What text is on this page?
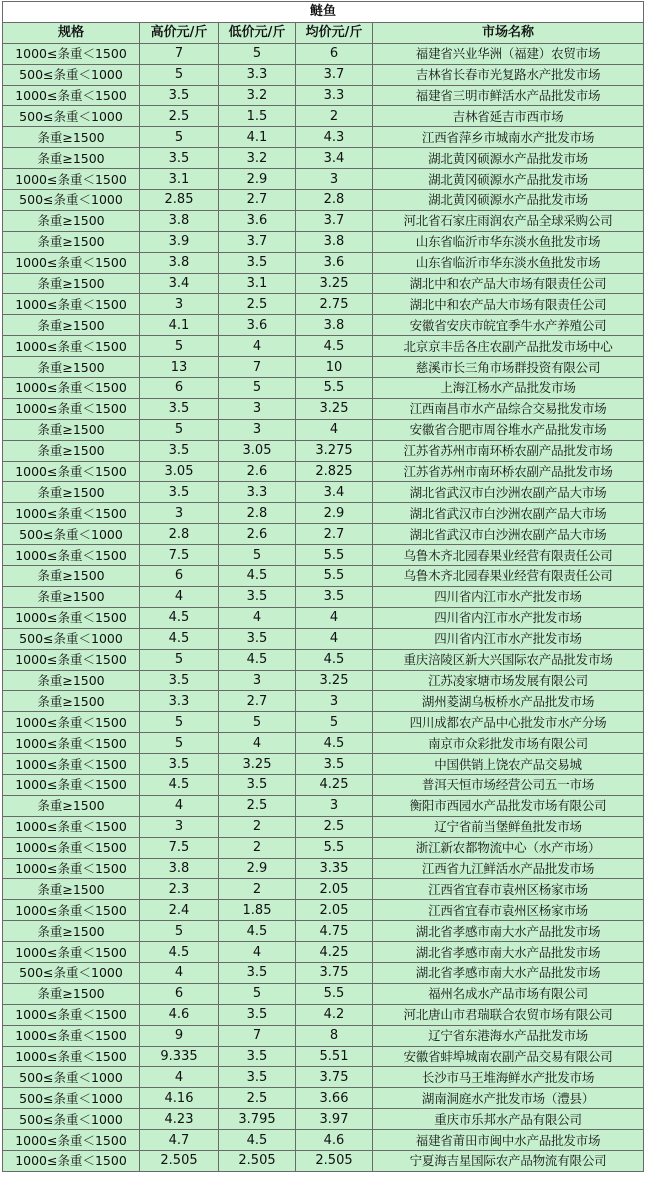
鲢鱼				
规格	高价元/斤	低价元/斤	均价元/斤	市场名称
1000≤条重＜1500	7	5	6	福建省兴业华洲（福建）农贸市场
500≤条重＜1000	5	3.3	3.7	吉林省长春市光复路水产批发市场
1000≤条重＜1500	3.5	3.2	3.3	福建省三明市鲜活水产品批发市场
500≤条重＜1000	2.5	1.5	2	吉林省延吉市西市场
条重≥1500	5	4.1	4.3	江西省萍乡市城南水产批发市场
条重≥1500	3.5	3.2	3.4	湖北黄冈硕源水产品批发市场
1000≤条重＜1500	3.1	2.9	3	湖北黄冈硕源水产品批发市场
500≤条重＜1000	2.85	2.7	2.8	湖北黄冈硕源水产品批发市场
条重≥1500	3.8	3.6	3.7	河北省石家庄雨润农产品全球采购公司
条重≥1500	3.9	3.7	3.8	山东省临沂市华东淡水鱼批发市场
1000≤条重＜1500	3.8	3.5	3.6	山东省临沂市华东淡水鱼批发市场
条重≥1500	3.4	3.1	3.25	湖北中和农产品大市场有限责任公司
1000≤条重＜1500	3	2.5	2.75	湖北中和农产品大市场有限责任公司
条重≥1500	4.1	3.6	3.8	安徽省安庆市皖宜季牛水产养殖公司
1000≤条重＜1500	5	4	4.5	北京京丰岳各庄农副产品批发市场中心
条重≥1500	13	7	10	慈溪市长三角市场群投资有限公司
1000≤条重＜1500	6	5	5.5	上海江杨水产品批发市场
1000≤条重＜1500	3.5	3	3.25	江西南昌市水产品综合交易批发市场
条重≥1500	5	3	4	安徽省合肥市周谷堆水产品批发市场
条重≥1500	3.5	3.05	3.275	江苏省苏州市南环桥农副产品批发市场
1000≤条重＜1500	3.05	2.6	2.825	江苏省苏州市南环桥农副产品批发市场
条重≥1500	3.5	3.3	3.4	湖北省武汉市白沙洲农副产品大市场
1000≤条重＜1500	3	2.8	2.9	湖北省武汉市白沙洲农副产品大市场
500≤条重＜1000	2.8	2.6	2.7	湖北省武汉市白沙洲农副产品大市场
1000≤条重＜1500	7.5	5	5.5	乌鲁木齐北园春果业经营有限责任公司
条重≥1500	6	4.5	5.5	乌鲁木齐北园春果业经营有限责任公司
条重≥1500	4	3.5	3.5	四川省内江市水产批发市场
1000≤条重＜1500	4.5	4	4	四川省内江市水产批发市场
500≤条重＜1000	4.5	3.5	4	四川省内江市水产批发市场
1000≤条重＜1500	5	4.5	4.5	重庆涪陵区新大兴国际农产品批发市场
条重≥1500	3.5	3	3.25	江苏凌家塘市场发展有限公司
条重≥1500	3.3	2.7	3	湖州菱湖乌板桥水产品批发市场
1000≤条重＜1500	5	5	5	四川成都农产品中心批发市水产分场
1000≤条重＜1500	5	4	4.5	南京市众彩批发市场有限公司
1000≤条重＜1500	3.5	3.25	3.5	中国供销上饶农产品交易城
1000≤条重＜1500	4.5	3.5	4.25	普洱天恒市场经营公司五一市场
条重≥1500	4	2.5	3	衡阳市西园水产品批发市场有限公司
1000≤条重＜1500	3	2	2.5	辽宁省前当堡鲜鱼批发市场
1000≤条重＜1500	7.5	2	5.5	浙江新农都物流中心（水产市场）
1000≤条重＜1500	3.8	2.9	3.35	江西省九江鲜活水产品批发市场
条重≥1500	2.3	2	2.05	江西省宜春市袁州区杨家市场
1000≤条重＜1500	2.4	1.85	2.05	江西省宜春市袁州区杨家市场
条重≥1500	5	4.5	4.75	湖北省孝感市南大水产品批发市场
1000≤条重＜1500	4.5	4	4.25	湖北省孝感市南大水产品批发市场
500≤条重＜1000	4	3.5	3.75	湖北省孝感市南大水产品批发市场
条重≥1500	6	5	5.5	福州名成水产品市场有限公司
1000≤条重＜1500	4.6	3.5	4.2	河北唐山市君瑞联合农贸市场有限公司
1000≤条重＜1500	9	7	8	辽宁省东港海水产品批发市场
1000≤条重＜1500	9.335	3.5	5.51	安徽省蚌埠城南农副产品交易有限公司
500≤条重＜1000	4	3.5	3.75	长沙市马王堆海鲜水产批发市场
500≤条重＜1000	4.16	2.5	3.66	湖南洞庭水产批发市场（澧县）
500≤条重＜1000	4.23	3.795	3.97	重庆市乐邦水产品有限公司
1000≤条重＜1500	4.7	4.5	4.6	福建省莆田市闽中水产品批发市场
1000≤条重＜1500	2.505	2.505	2.505	宁夏海吉星国际农产品物流有限公司
